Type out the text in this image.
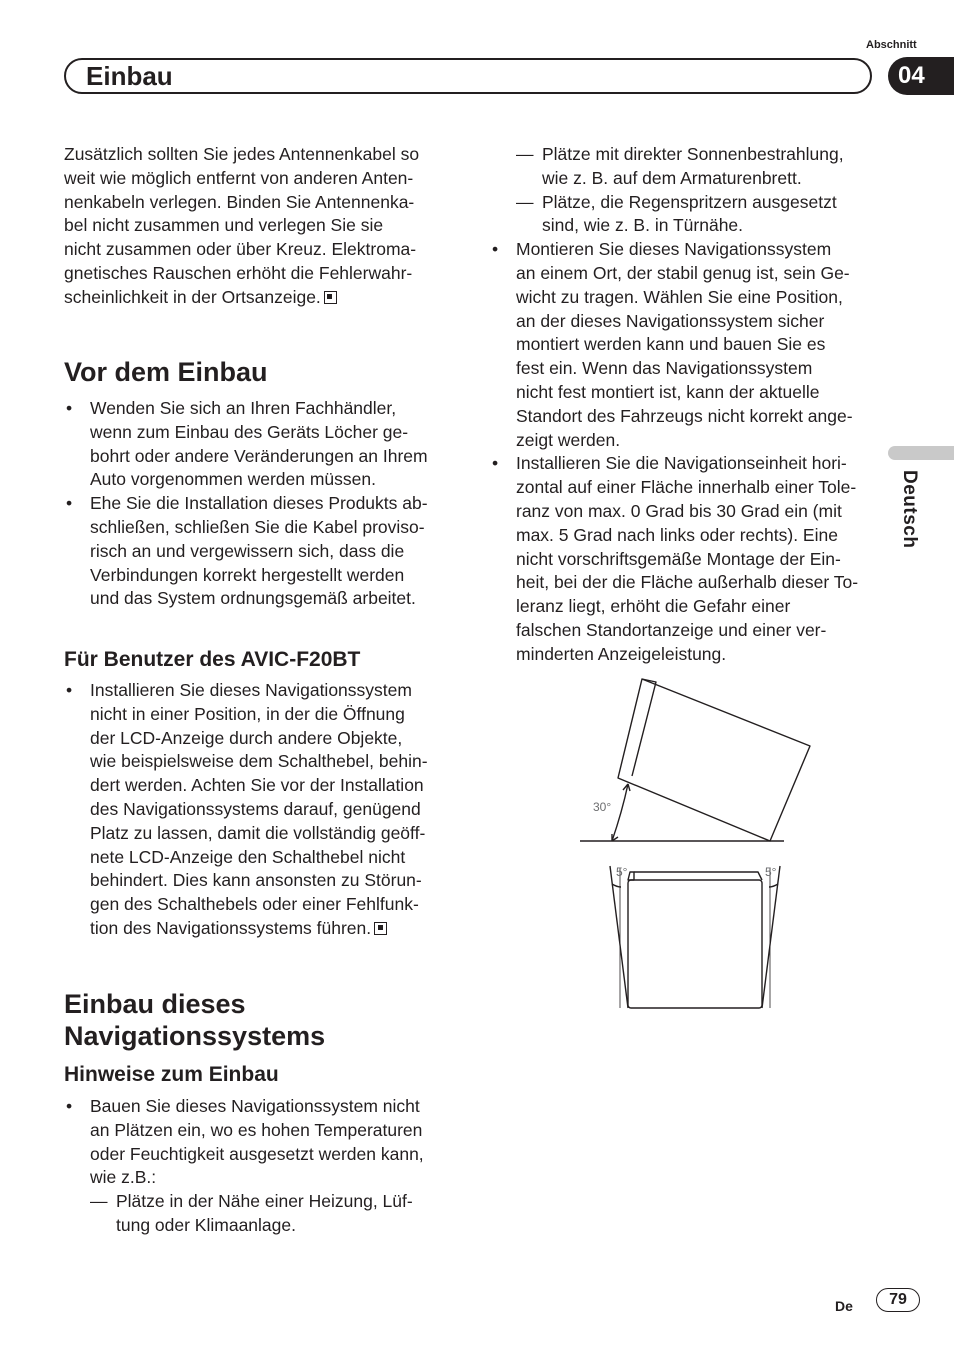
Abschnitt
Einbau	04
Deutsch

Zusätzlich sollten Sie jedes Antennenkabel so

weit wie möglich entfernt von anderen Anten-

nenkabeln verlegen. Binden Sie Antennenka-

bel nicht zusammen und verlegen Sie sie

nicht zusammen oder über Kreuz. Elektroma-

gnetisches Rauschen erhöht die Fehlerwahr-

scheinlichkeit in der Ortsanzeige.

Vor dem Einbau

• Wenden Sie sich an Ihren Fachhändler,

wenn zum Einbau des Geräts Löcher ge-

bohrt oder andere Veränderungen an Ihrem

Auto vorgenommen werden müssen.

• Ehe Sie die Installation dieses Produkts ab-

schließen, schließen Sie die Kabel proviso-

risch an und vergewissern sich, dass die

Verbindungen korrekt hergestellt werden

und das System ordnungsgemäß arbeitet.

Für Benutzer des AVIC-F20BT

• Installieren Sie dieses Navigationssystem

nicht in einer Position, in der die Öffnung

der LCD-Anzeige durch andere Objekte,

wie beispielsweise dem Schalthebel, behin-

dert werden. Achten Sie vor der Installation

des Navigationssystems darauf, genügend

Platz zu lassen, damit die vollständig geöff-

nete LCD-Anzeige den Schalthebel nicht

behindert. Dies kann ansonsten zu Störun-

gen des Schalthebels oder einer Fehlfunk-

tion des Navigationssystems führen.

Einbau dieses
Navigationssystems
Hinweise zum Einbau

• Bauen Sie dieses Navigationssystem nicht

an Plätzen ein, wo es hohen Temperaturen

oder Feuchtigkeit ausgesetzt werden kann,

wie z.B.:

— Plätze in der Nähe einer Heizung, Lüf-

tung oder Klimaanlage.

— Plätze mit direkter Sonnenbestrahlung,

wie z. B. auf dem Armaturenbrett.

— Plätze, die Regenspritzern ausgesetzt

sind, wie z. B. in Türnähe.

• Montieren Sie dieses Navigationssystem

an einem Ort, der stabil genug ist, sein Ge-

wicht zu tragen. Wählen Sie eine Position,

an der dieses Navigationssystem sicher

montiert werden kann und bauen Sie es

fest ein. Wenn das Navigationssystem

nicht fest montiert ist, kann der aktuelle

Standort des Fahrzeugs nicht korrekt ange-

zeigt werden.

• Installieren Sie die Navigationseinheit hori-

zontal auf einer Fläche innerhalb einer Tole-

ranz von max. 0 Grad bis 30 Grad ein (mit

max. 5 Grad nach links oder rechts). Eine

nicht vorschriftsgemäße Montage der Ein-

heit, bei der die Fläche außerhalb dieser To-

leranz liegt, erhöht die Gefahr einer

falschen Standortanzeige und einer ver-

minderten Anzeigeleistung.

30°
5°	5°
De	79
